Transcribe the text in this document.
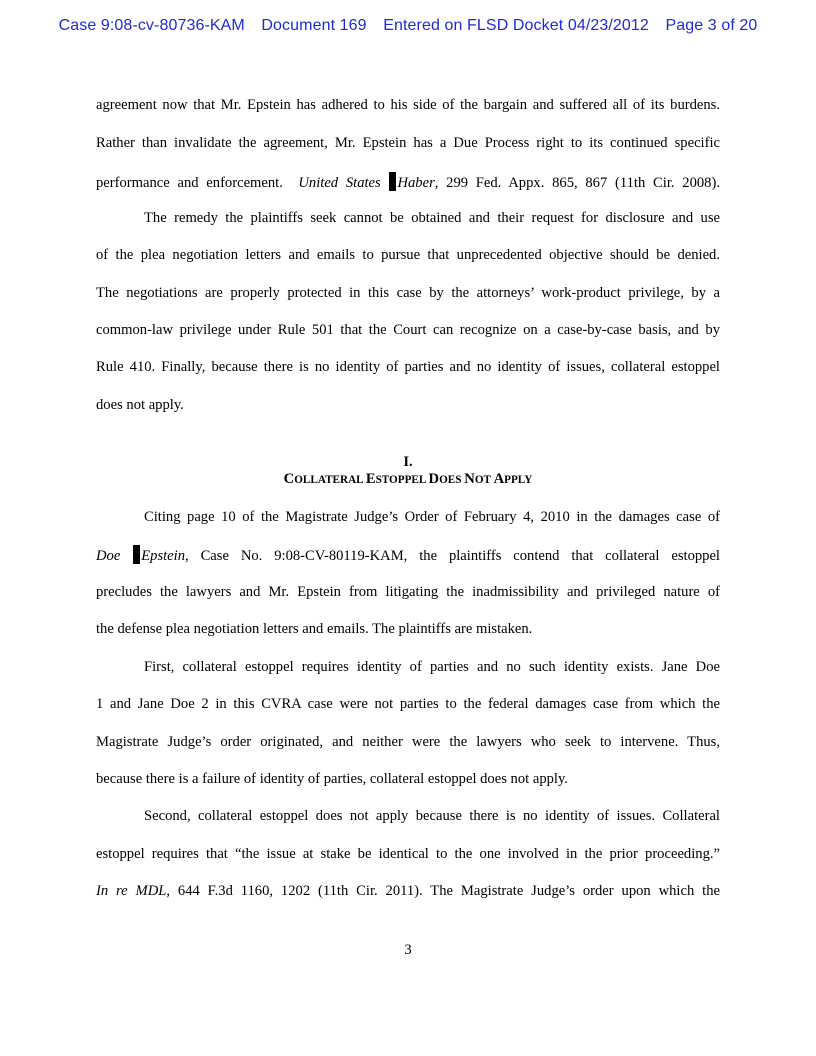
Case 9:08-cv-80736-KAM Document 169 Entered on FLSD Docket 04/23/2012 Page 3 of 20
agreement now that Mr. Epstein has adhered to his side of the bargain and suffered all of its burdens.
Rather than invalidate the agreement, Mr. Epstein has a Due Process right to its continued specific
performance and enforcement. United States Haber, 299 Fed. Appx. 865, 867 (11th Cir. 2008).
The remedy the plaintiffs seek cannot be obtained and their request for disclosure and use
of the plea negotiation letters and emails to pursue that unprecedented objective should be denied.
The negotiations are properly protected in this case by the attorneys’ work-product privilege, by a
common-law privilege under Rule 501 that the Court can recognize on a case-by-case basis, and by
Rule 410. Finally, because there is no identity of parties and no identity of issues, collateral estoppel
does not apply.
I.
COLLATERAL ESTOPPEL DOES NOT APPLY
Citing page 10 of the Magistrate Judge’s Order of February 4, 2010 in the damages case of
Doe Epstein, Case No. 9:08-CV-80119-KAM, the plaintiffs contend that collateral estoppel
precludes the lawyers and Mr. Epstein from litigating the inadmissibility and privileged nature of
the defense plea negotiation letters and emails. The plaintiffs are mistaken.
First, collateral estoppel requires identity of parties and no such identity exists. Jane Doe
1 and Jane Doe 2 in this CVRA case were not parties to the federal damages case from which the
Magistrate Judge’s order originated, and neither were the lawyers who seek to intervene. Thus,
because there is a failure of identity of parties, collateral estoppel does not apply.
Second, collateral estoppel does not apply because there is no identity of issues. Collateral
estoppel requires that “the issue at stake be identical to the one involved in the prior proceeding.”
In re MDL, 644 F.3d 1160, 1202 (11th Cir. 2011). The Magistrate Judge’s order upon which the
3
